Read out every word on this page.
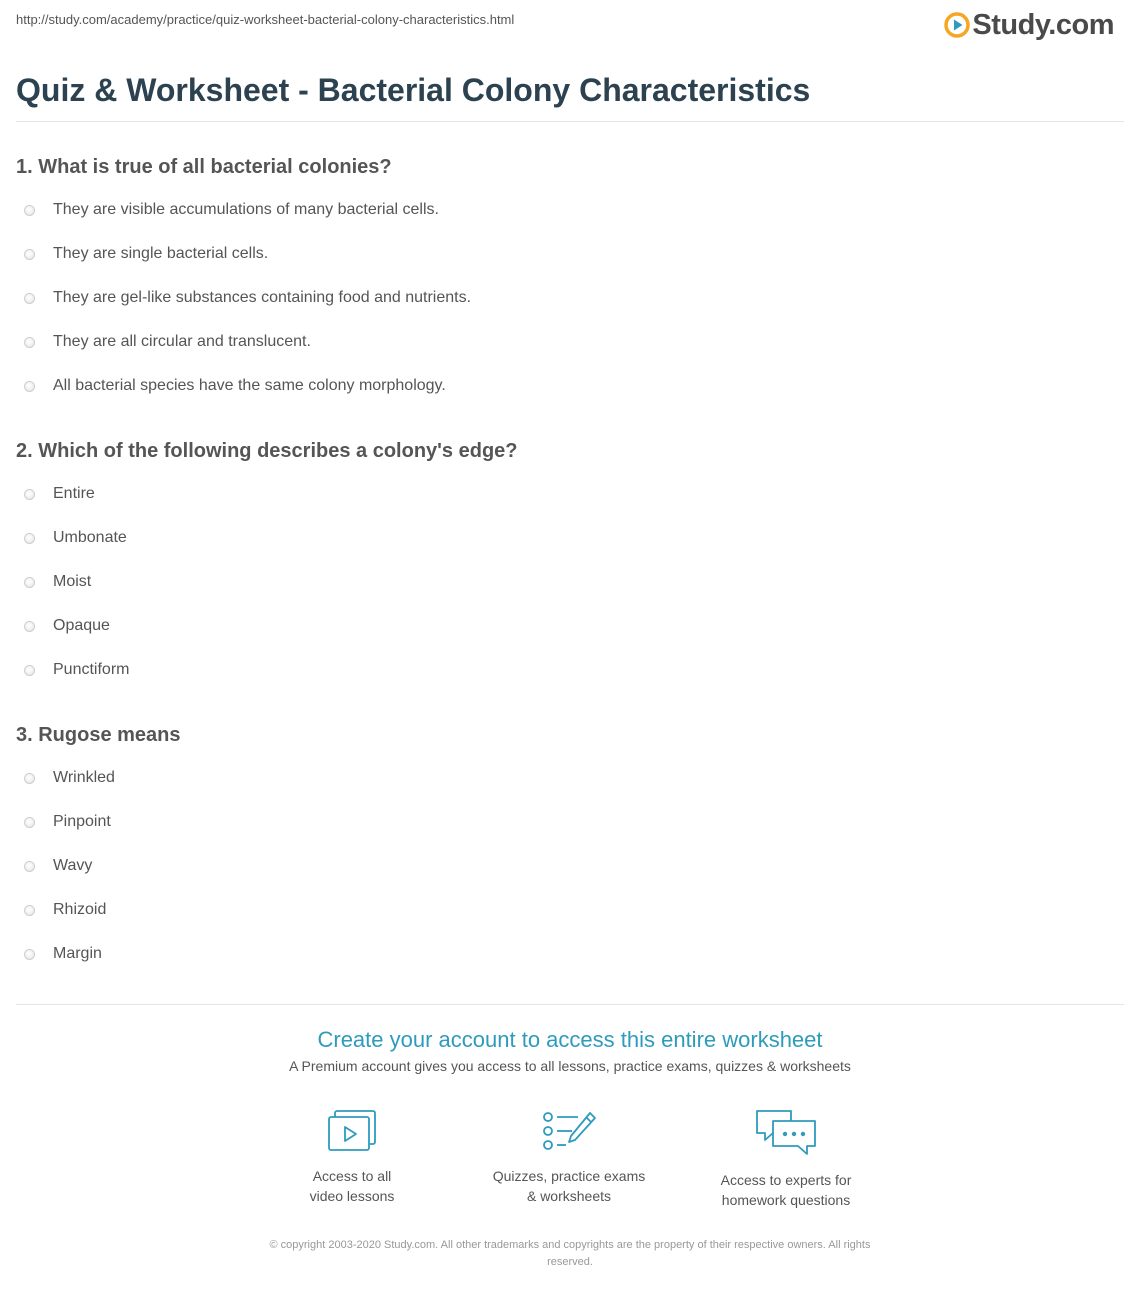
http://study.com/academy/practice/quiz-worksheet-bacterial-colony-characteristics.html	Study.com
Quiz & Worksheet - Bacterial Colony Characteristics
1. What is true of all bacterial colonies?
They are visible accumulations of many bacterial cells.
They are single bacterial cells.
They are gel-like substances containing food and nutrients.
They are all circular and translucent.
All bacterial species have the same colony morphology.
2. Which of the following describes a colony's edge?
Entire
Umbonate
Moist
Opaque
Punctiform
3. Rugose means
Wrinkled
Pinpoint
Wavy
Rhizoid
Margin
Create your account to access this entire worksheet
A Premium account gives you access to all lessons, practice exams, quizzes & worksheets
Access to all
video lessons
Quizzes, practice exams
& worksheets
Access to experts for
homework questions
© copyright 2003-2020 Study.com. All other trademarks and copyrights are the property of their respective owners. All rights
reserved.
